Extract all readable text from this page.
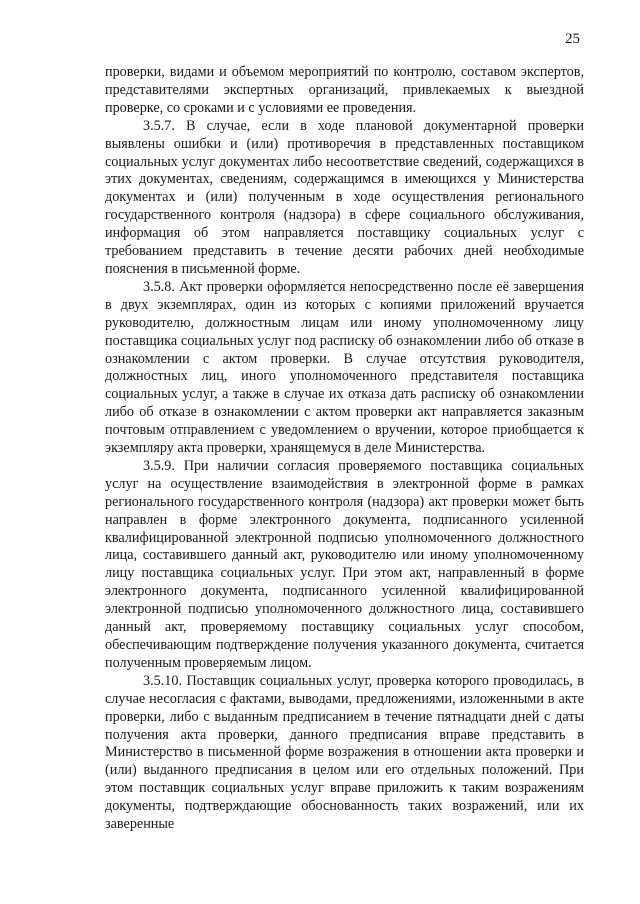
25

проверки, видами и объемом мероприятий по контролю, составом экспертов, представителями экспертных организаций, привлекаемых к выездной проверке, со сроками и с условиями ее проведения.

3.5.7. В случае, если в ходе плановой документарной проверки выявлены ошибки и (или) противоречия в представленных поставщиком социальных услуг документах либо несоответствие сведений, содержащихся в этих документах, сведениям, содержащимся в имеющихся у Министерства документах и (или) полученным в ходе осуществления регионального государственного контроля (надзора) в сфере социального обслуживания, информация об этом направляется поставщику социальных услуг с требованием представить в течение десяти рабочих дней необходимые пояснения в письменной форме.

3.5.8. Акт проверки оформляется непосредственно после её завершения в двух экземплярах, один из которых с копиями приложений вручается руководителю, должностным лицам или иному уполномоченному лицу поставщика социальных услуг под расписку об ознакомлении либо об отказе в ознакомлении с актом проверки. В случае отсутствия руководителя, должностных лиц, иного уполномоченного представителя поставщика социальных услуг, а также в случае их отказа дать расписку об ознакомлении либо об отказе в ознакомлении с актом проверки акт направляется заказным почтовым отправлением с уведомлением о вручении, которое приобщается к экземпляру акта проверки, хранящемуся в деле Министерства.

3.5.9. При наличии согласия проверяемого поставщика социальных услуг на осуществление взаимодействия в электронной форме в рамках регионального государственного контроля (надзора) акт проверки может быть направлен в форме электронного документа, подписанного усиленной квалифицированной электронной подписью уполномоченного должностного лица, составившего данный акт, руководителю или иному уполномоченному лицу поставщика социальных услуг. При этом акт, направленный в форме электронного документа, подписанного усиленной квалифицированной электронной подписью уполномоченного должностного лица, составившего данный акт, проверяемому поставщику социальных услуг способом, обеспечивающим подтверждение получения указанного документа, считается полученным проверяемым лицом.

3.5.10. Поставщик социальных услуг, проверка которого проводилась, в случае несогласия с фактами, выводами, предложениями, изложенными в акте проверки, либо с выданным предписанием в течение пятнадцати дней с даты получения акта проверки, данного предписания вправе представить в Министерство в письменной форме возражения в отношении акта проверки и (или) выданного предписания в целом или его отдельных положений. При этом поставщик социальных услуг вправе приложить к таким возражениям документы, подтверждающие обоснованность таких возражений, или их заверенные
